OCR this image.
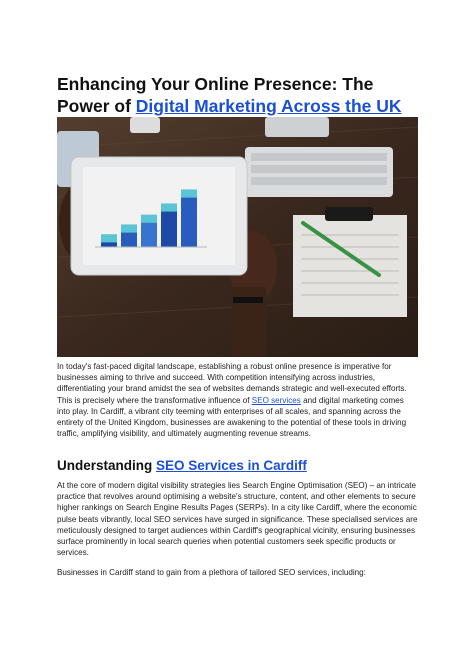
Enhancing Your Online Presence: The Power of Digital Marketing Across the UK

In today's fast-paced digital landscape, establishing a robust online presence is imperative for businesses aiming to thrive and succeed. With competition intensifying across industries, differentiating your brand amidst the sea of websites demands strategic and well-executed efforts. This is precisely where the transformative influence of SEO services and digital marketing comes into play. In Cardiff, a vibrant city teeming with enterprises of all scales, and spanning across the entirety of the United Kingdom, businesses are awakening to the potential of these tools in driving traffic, amplifying visibility, and ultimately augmenting revenue streams.

Understanding SEO Services in Cardiff

At the core of modern digital visibility strategies lies Search Engine Optimisation (SEO) – an intricate practice that revolves around optimising a website's structure, content, and other elements to secure higher rankings on Search Engine Results Pages (SERPs). In a city like Cardiff, where the economic pulse beats vibrantly, local SEO services have surged in significance. These specialised services are meticulously designed to target audiences within Cardiff's geographical vicinity, ensuring businesses surface prominently in local search queries when potential customers seek specific products or services.

Businesses in Cardiff stand to gain from a plethora of tailored SEO services, including:
